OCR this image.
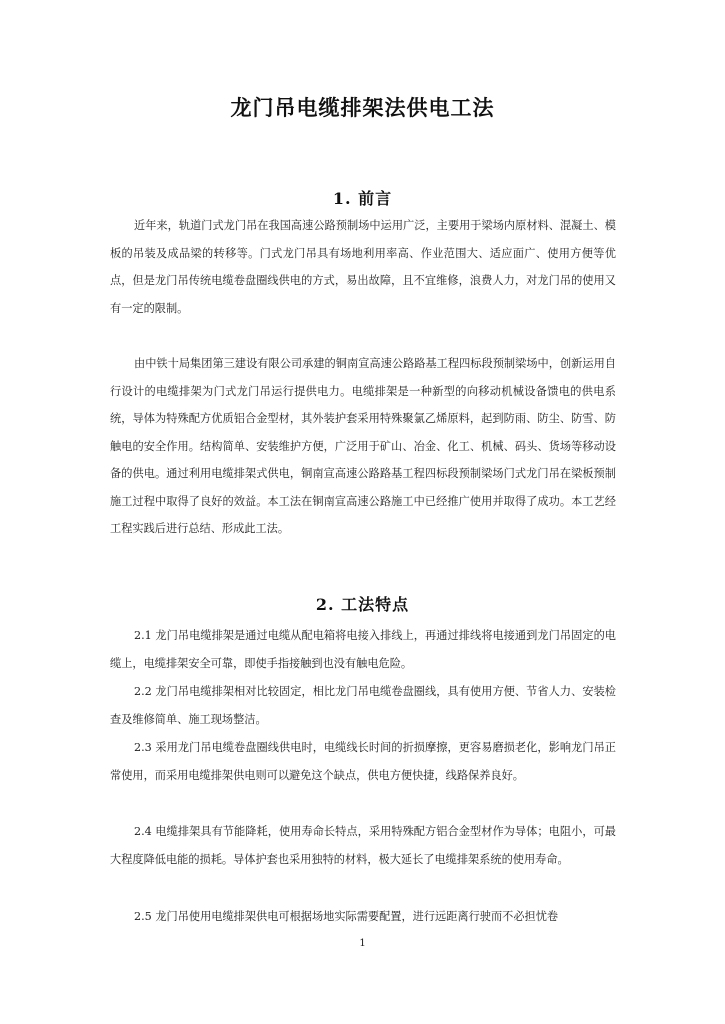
龙门吊电缆排架法供电工法
1. 前言

近年来，轨道门式龙门吊在我国高速公路预制场中运用广泛，主要用于梁场内原材料、混凝土、模板的吊装及成品梁的转移等。门式龙门吊具有场地利用率高、作业范围大、适应面广、使用方便等优点，但是龙门吊传统电缆卷盘圈线供电的方式，易出故障，且不宜维修，浪费人力，对龙门吊的使用又有一定的限制。

由中铁十局集团第三建设有限公司承建的铜南宣高速公路路基工程四标段预制梁场中，创新运用自行设计的电缆排架为门式龙门吊运行提供电力。电缆排架是一种新型的向移动机械设备馈电的供电系统，导体为特殊配方优质铝合金型材，其外装护套采用特殊聚氯乙烯原料，起到防雨、防尘、防雪、防触电的安全作用。结构简单、安装维护方便，广泛用于矿山、冶金、化工、机械、码头、货场等移动设备的供电。通过利用电缆排架式供电，铜南宣高速公路路基工程四标段预制梁场门式龙门吊在梁板预制施工过程中取得了良好的效益。本工法在铜南宣高速公路施工中已经推广使用并取得了成功。本工艺经工程实践后进行总结、形成此工法。

2. 工法特点

2.1 龙门吊电缆排架是通过电缆从配电箱将电接入排线上，再通过排线将电接通到龙门吊固定的电缆上，电缆排架安全可靠，即使手指接触到也没有触电危险。

2.2 龙门吊电缆排架相对比较固定，相比龙门吊电缆卷盘圈线，具有使用方便、节省人力、安装检查及维修简单、施工现场整洁。

2.3 采用龙门吊电缆卷盘圈线供电时，电缆线长时间的折损摩擦，更容易磨损老化，影响龙门吊正常使用，而采用电缆排架供电则可以避免这个缺点，供电方便快捷，线路保养良好。

2.4 电缆排架具有节能降耗，使用寿命长特点，采用特殊配方铝合金型材作为导体；电阻小，可最大程度降低电能的损耗。导体护套也采用独特的材料，极大延长了电缆排架系统的使用寿命。

2.5 龙门吊使用电缆排架供电可根据场地实际需要配置，进行远距离行驶而不必担忧卷

1
